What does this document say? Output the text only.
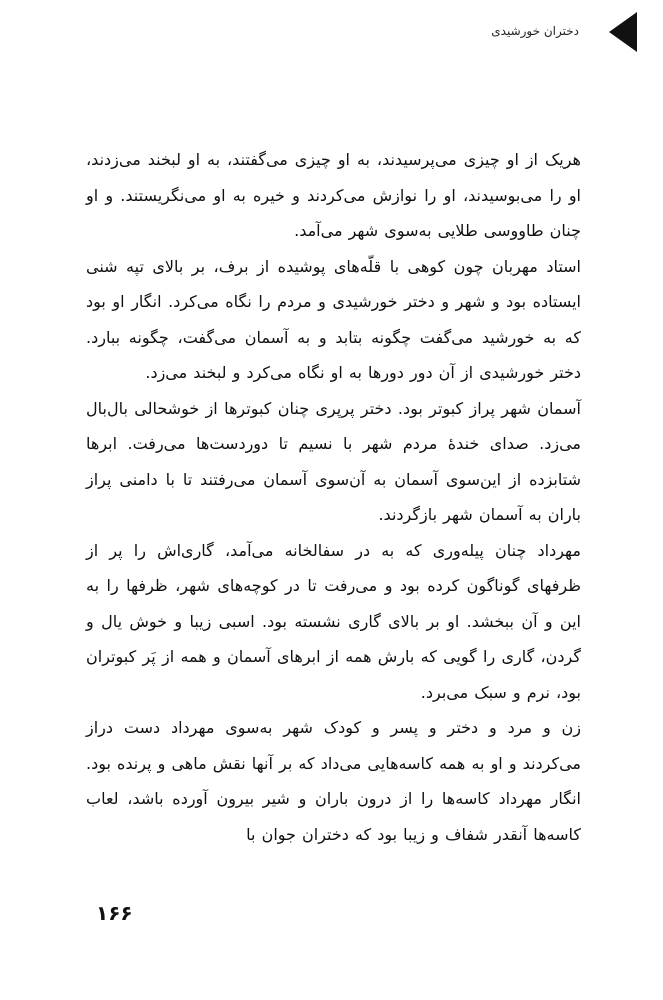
دختران خورشیدی

هریک از او چیزی می‌پرسیدند، به او چیزی می‌گفتند، به او لبخند می‌زدند، او را می‌بوسیدند، او را نوازش می‌کردند و خیره به او می‌نگریستند. و او چنان طاووسی طلایی به‌سوی شهر می‌آمد.

استاد مهربان چون کوهی با قلّه‌های پوشیده از برف، بر بالای تپه شنی ایستاده بود و شهر و دختر خورشیدی و مردم را نگاه می‌کرد. انگار او بود که به خورشید می‌گفت چگونه بتابد و به آسمان می‌گفت، چگونه ببارد. دختر خورشیدی از آن دور دورها به او نگاه می‌کرد و لبخند می‌زد.

آسمان شهر پراز کبوتر بود. دختر پرپری چنان کبوترها از خوشحالی بال‌بال می‌زد. صدای خندهٔ مردم شهر با نسیم تا دوردست‌ها می‌رفت. ابرها شتابزده از این‌سوی آسمان به آن‌سوی آسمان می‌رفتند تا با دامنی پراز باران به آسمان شهر بازگردند.

مهرداد چنان پیله‌وری که به در سفالخانه می‌آمد، گاری‌اش را پر از ظرفهای گوناگون کرده بود و می‌رفت تا در کوچه‌های شهر، ظرفها را به این و آن ببخشد. او بر بالای گاری نشسته بود. اسبی زیبا و خوش یال و گردن، گاری را گویی که بارش همه از ابرهای آسمان و همه از پَر کبوتران بود، نرم و سبک می‌برد.

زن و مرد و دختر و پسر و کودک شهر به‌سوی مهرداد دست دراز می‌کردند و او به همه کاسه‌هایی می‌داد که بر آنها نقش ماهی و پرنده بود. انگار مهرداد کاسه‌ها را از درون باران و شیر بیرون آورده باشد، لعاب کاسه‌ها آنقدر شفاف و زیبا بود که دختران جوان با

۱۶۶
